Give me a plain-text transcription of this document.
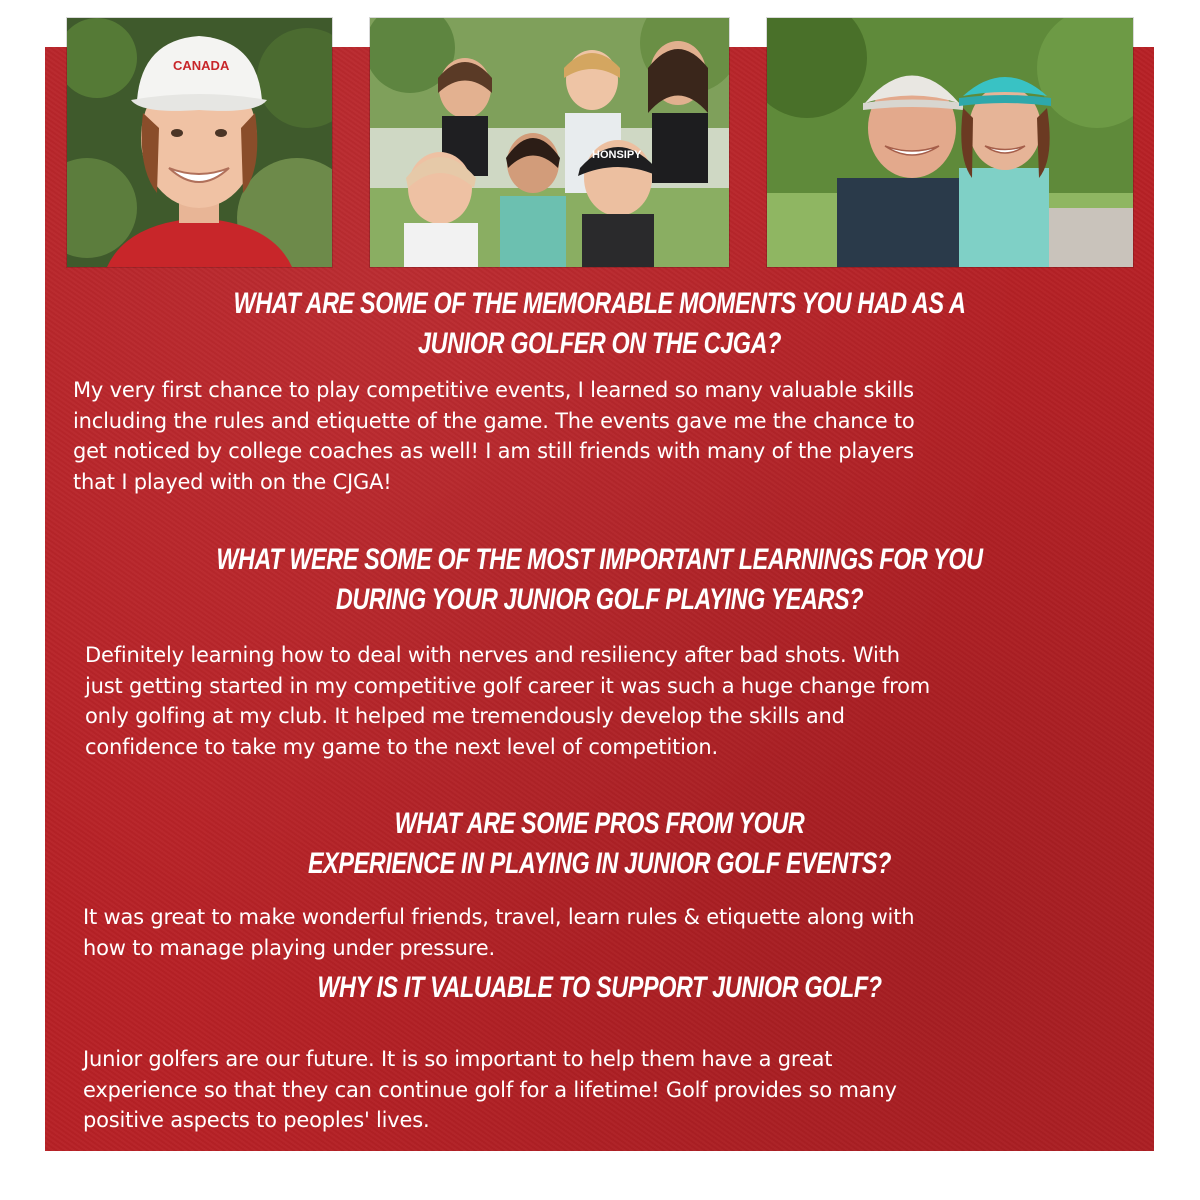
CANADA
HONSIPY
WHAT ARE SOME OF THE MEMORABLE MOMENTS YOU HAD AS A
JUNIOR GOLFER ON THE CJGA?
My very first chance to play competitive events, I learned so many valuable skills
including the rules and etiquette of the game. The events gave me the chance to
get noticed by college coaches as well! I am still friends with many of the players
that I played with on the CJGA!
WHAT WERE SOME OF THE MOST IMPORTANT LEARNINGS FOR YOU
DURING YOUR JUNIOR GOLF PLAYING YEARS?
Definitely learning how to deal with nerves and resiliency after bad shots. With
just getting started in my competitive golf career it was such a huge change from
only golfing at my club. It helped me tremendously develop the skills and
confidence to take my game to the next level of competition.
WHAT ARE SOME PROS FROM YOUR
EXPERIENCE IN PLAYING IN JUNIOR GOLF EVENTS?
It was great to make wonderful friends, travel, learn rules & etiquette along with
how to manage playing under pressure.
WHY IS IT VALUABLE TO SUPPORT JUNIOR GOLF?
Junior golfers are our future. It is so important to help them have a great
experience so that they can continue golf for a lifetime! Golf provides so many
positive aspects to peoples' lives.
